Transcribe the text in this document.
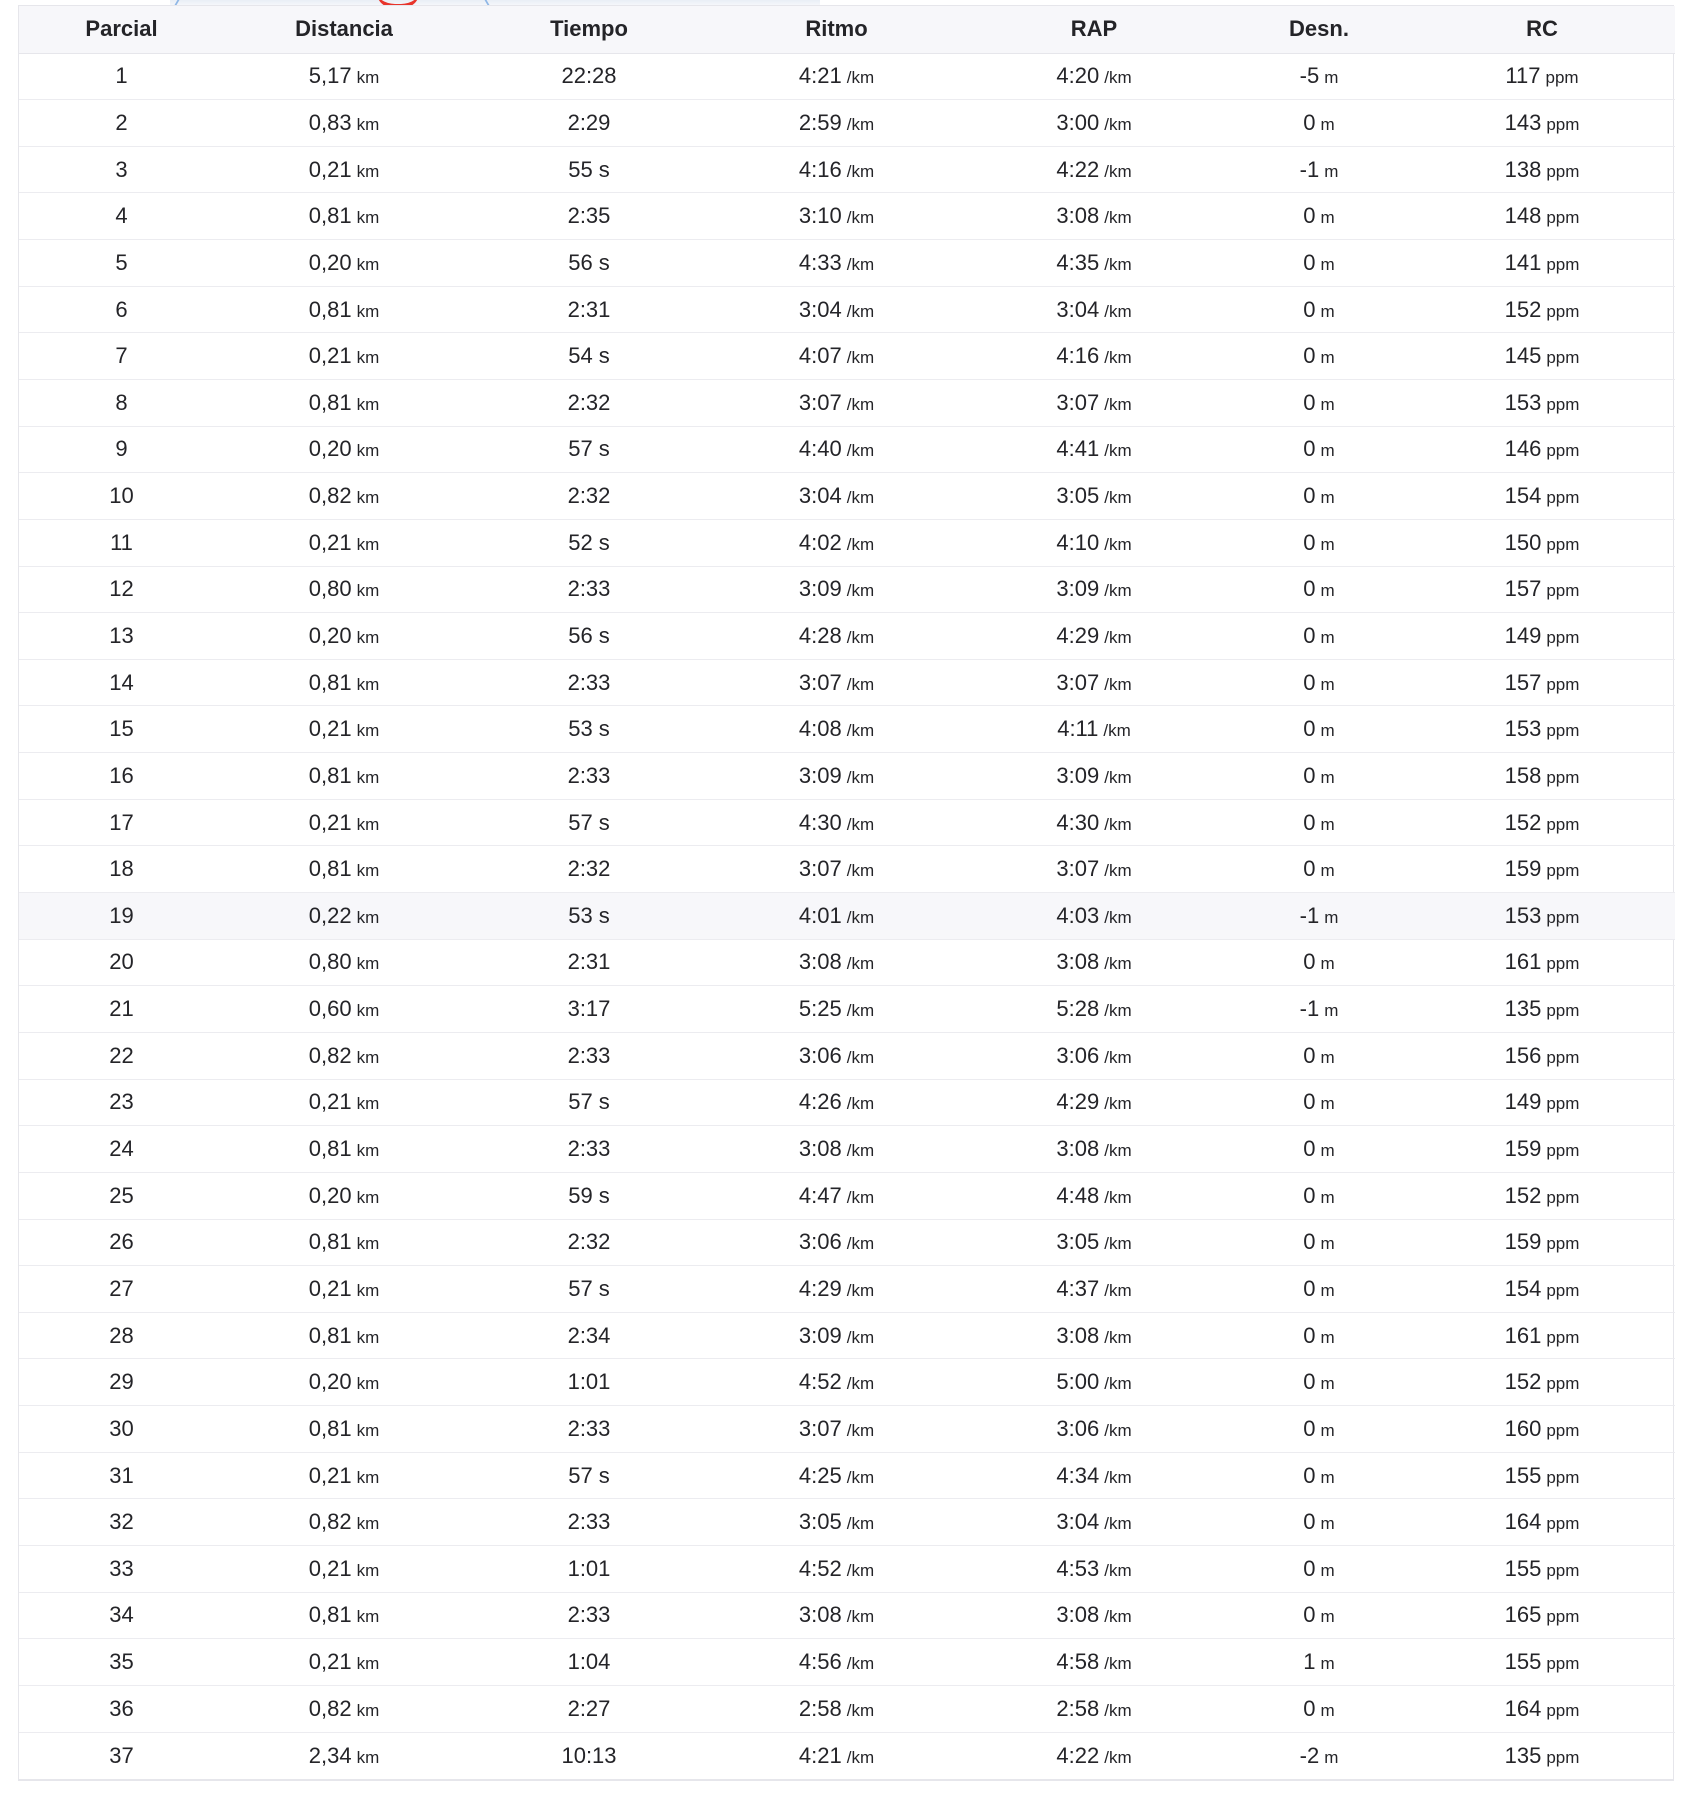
Parcial	Distancia	Tiempo	Ritmo	RAP	Desn.	RC
1	5,17 km	22:28	4:21 /km	4:20 /km	-5 m	117 ppm
2	0,83 km	2:29	2:59 /km	3:00 /km	0 m	143 ppm
3	0,21 km	55 s	4:16 /km	4:22 /km	-1 m	138 ppm
4	0,81 km	2:35	3:10 /km	3:08 /km	0 m	148 ppm
5	0,20 km	56 s	4:33 /km	4:35 /km	0 m	141 ppm
6	0,81 km	2:31	3:04 /km	3:04 /km	0 m	152 ppm
7	0,21 km	54 s	4:07 /km	4:16 /km	0 m	145 ppm
8	0,81 km	2:32	3:07 /km	3:07 /km	0 m	153 ppm
9	0,20 km	57 s	4:40 /km	4:41 /km	0 m	146 ppm
10	0,82 km	2:32	3:04 /km	3:05 /km	0 m	154 ppm
11	0,21 km	52 s	4:02 /km	4:10 /km	0 m	150 ppm
12	0,80 km	2:33	3:09 /km	3:09 /km	0 m	157 ppm
13	0,20 km	56 s	4:28 /km	4:29 /km	0 m	149 ppm
14	0,81 km	2:33	3:07 /km	3:07 /km	0 m	157 ppm
15	0,21 km	53 s	4:08 /km	4:11 /km	0 m	153 ppm
16	0,81 km	2:33	3:09 /km	3:09 /km	0 m	158 ppm
17	0,21 km	57 s	4:30 /km	4:30 /km	0 m	152 ppm
18	0,81 km	2:32	3:07 /km	3:07 /km	0 m	159 ppm
19	0,22 km	53 s	4:01 /km	4:03 /km	-1 m	153 ppm
20	0,80 km	2:31	3:08 /km	3:08 /km	0 m	161 ppm
21	0,60 km	3:17	5:25 /km	5:28 /km	-1 m	135 ppm
22	0,82 km	2:33	3:06 /km	3:06 /km	0 m	156 ppm
23	0,21 km	57 s	4:26 /km	4:29 /km	0 m	149 ppm
24	0,81 km	2:33	3:08 /km	3:08 /km	0 m	159 ppm
25	0,20 km	59 s	4:47 /km	4:48 /km	0 m	152 ppm
26	0,81 km	2:32	3:06 /km	3:05 /km	0 m	159 ppm
27	0,21 km	57 s	4:29 /km	4:37 /km	0 m	154 ppm
28	0,81 km	2:34	3:09 /km	3:08 /km	0 m	161 ppm
29	0,20 km	1:01	4:52 /km	5:00 /km	0 m	152 ppm
30	0,81 km	2:33	3:07 /km	3:06 /km	0 m	160 ppm
31	0,21 km	57 s	4:25 /km	4:34 /km	0 m	155 ppm
32	0,82 km	2:33	3:05 /km	3:04 /km	0 m	164 ppm
33	0,21 km	1:01	4:52 /km	4:53 /km	0 m	155 ppm
34	0,81 km	2:33	3:08 /km	3:08 /km	0 m	165 ppm
35	0,21 km	1:04	4:56 /km	4:58 /km	1 m	155 ppm
36	0,82 km	2:27	2:58 /km	2:58 /km	0 m	164 ppm
37	2,34 km	10:13	4:21 /km	4:22 /km	-2 m	135 ppm
